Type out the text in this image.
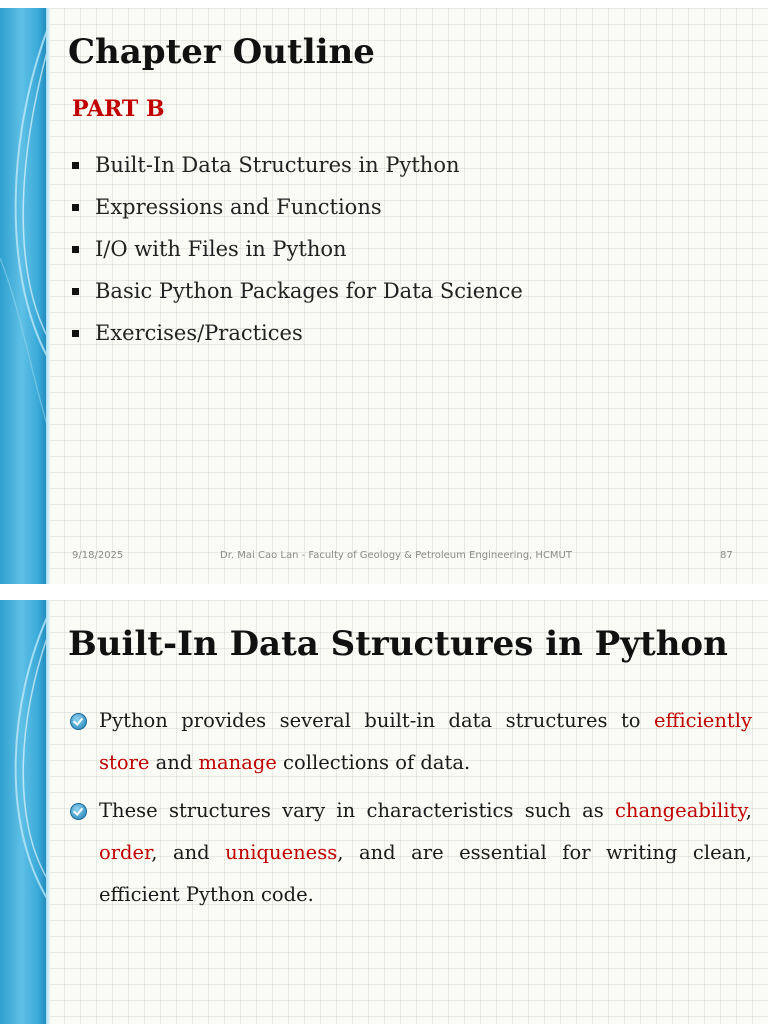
Chapter Outline
PART B
Built-In Data Structures in Python
Expressions and Functions
I/O with Files in Python
Basic Python Packages for Data Science
Exercises/Practices
9/18/2025	Dr. Mai Cao Lan - Faculty of Geology & Petroleum Engineering, HCMUT	87
Built-In Data Structures in Python
Python provides several built-in data structures to efficiently store and manage collections of data.
These structures vary in characteristics such as changeability, order, and uniqueness, and are essential for writing clean, efficient Python code.
